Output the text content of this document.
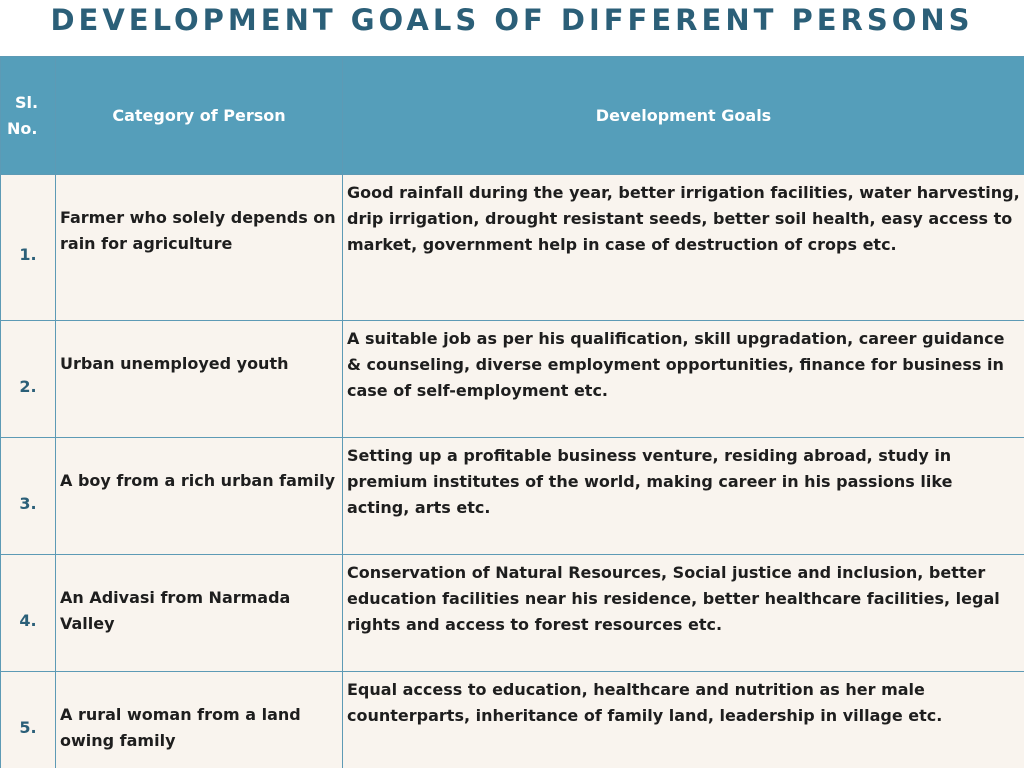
DEVELOPMENT GOALS OF DIFFERENT PERSONS
Sl.
No.	Category of Person	Development Goals
1.	Farmer who solely depends on rain for agriculture	Good rainfall during the year, better irrigation facilities, water harvesting, drip irrigation, drought resistant seeds, better soil health, easy access to market, government help in case of destruction of crops etc.
2.	Urban unemployed youth	A suitable job as per his qualification, skill upgradation, career guidance & counseling, diverse employment opportunities, finance for business in case of self-employment etc.
3.	A boy from a rich urban family	Setting up a profitable business venture, residing abroad, study in premium institutes of the world, making career in his passions like acting, arts etc.
4.	An Adivasi from Narmada Valley	Conservation of Natural Resources, Social justice and inclusion, better education facilities near his residence, better healthcare facilities, legal rights and access to forest resources etc.
5.	A rural woman from a land owing family	Equal access to education, healthcare and nutrition as her male counterparts, inheritance of family land, leadership in village etc.
